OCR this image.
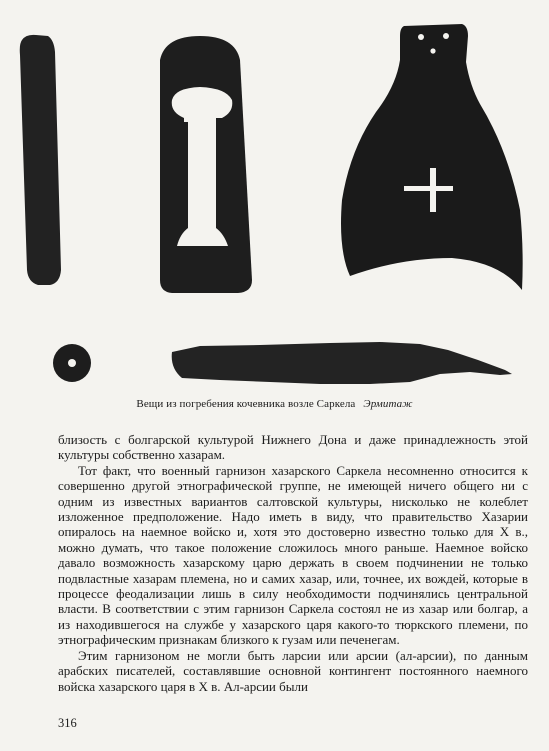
Вещи из погребения кочевника возле Саркела Эрмитаж

близость с болгарской культурой Нижнего Дона и даже принадлежность этой культуры собственно хазарам.

Тот факт, что военный гарнизон хазарского Саркела несомненно относится к совершенно другой этнографической группе, не имеющей ничего общего ни с одним из известных вариантов салтовской культуры, нисколько не колеблет изложенное предположение. Надо иметь в виду, что правительство Хазарии опиралось на наемное войско и, хотя это достоверно известно только для X в., можно думать, что такое положение сложилось много раньше. Наемное войско давало возможность хазарскому царю держать в своем подчинении не только подвластные хазарам племена, но и самих хазар, или, точнее, их вождей, которые в процессе феодализации лишь в силу необходимости подчинялись центральной власти. В соответствии с этим гарнизон Саркела состоял не из хазар или болгар, а из находившегося на службе у хазарского царя какого-то тюркского племени, по этнографическим признакам близкого к гузам или печенегам.

Этим гарнизоном не могли быть ларсии или арсии (ал-арсии), по данным арабских писателей, составлявшие основной контингент постоянного наемного войска хазарского царя в X в. Ал-арсии были

316
